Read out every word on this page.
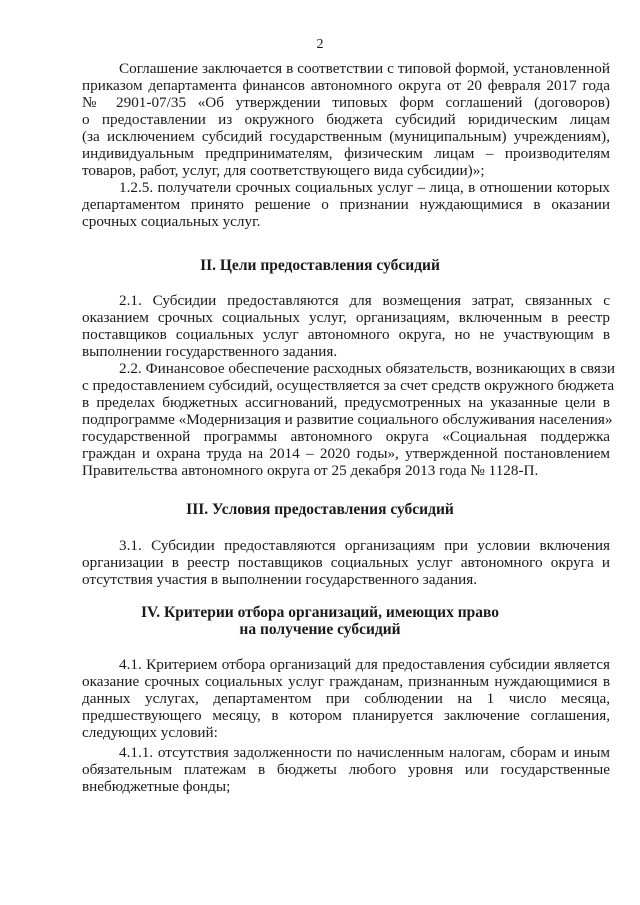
2
Соглашение заключается в соответствии с типовой формой, установленной
приказом департамента финансов автономного округа от 20 февраля 2017 года
№ 2901-07/35 «Об утверждении типовых форм соглашений (договоров)
о предоставлении из окружного бюджета субсидий юридическим лицам
(за исключением субсидий государственным (муниципальным) учреждениям),
индивидуальным предпринимателям, физическим лицам – производителям
товаров, работ, услуг, для соответствующего вида субсидии)»;
1.2.5. получатели срочных социальных услуг – лица, в отношении которых
департаментом принято решение о признании нуждающимися в оказании
срочных социальных услуг.
II. Цели предоставления субсидий
2.1. Субсидии предоставляются для возмещения затрат, связанных с
оказанием срочных социальных услуг, организациям, включенным в реестр
поставщиков социальных услуг автономного округа, но не участвующим в
выполнении государственного задания.
2.2. Финансовое обеспечение расходных обязательств, возникающих в связи
с предоставлением субсидий, осуществляется за счет средств окружного бюджета
в пределах бюджетных ассигнований, предусмотренных на указанные цели в
подпрограмме «Модернизация и развитие социального обслуживания населения»
государственной программы автономного округа «Социальная поддержка
граждан и охрана труда на 2014 – 2020 годы», утвержденной постановлением
Правительства автономного округа от 25 декабря 2013 года № 1128-П.
III. Условия предоставления субсидий
3.1. Субсидии предоставляются организациям при условии включения
организации в реестр поставщиков социальных услуг автономного округа и
отсутствия участия в выполнении государственного задания.
IV. Критерии отбора организаций, имеющих право
на получение субсидий
4.1. Критерием отбора организаций для предоставления субсидии является
оказание срочных социальных услуг гражданам, признанным нуждающимися в
данных услугах, департаментом при соблюдении на 1 число месяца,
предшествующего месяцу, в котором планируется заключение соглашения,
следующих условий:
4.1.1. отсутствия задолженности по начисленным налогам, сборам и иным
обязательным платежам в бюджеты любого уровня или государственные
внебюджетные фонды;
